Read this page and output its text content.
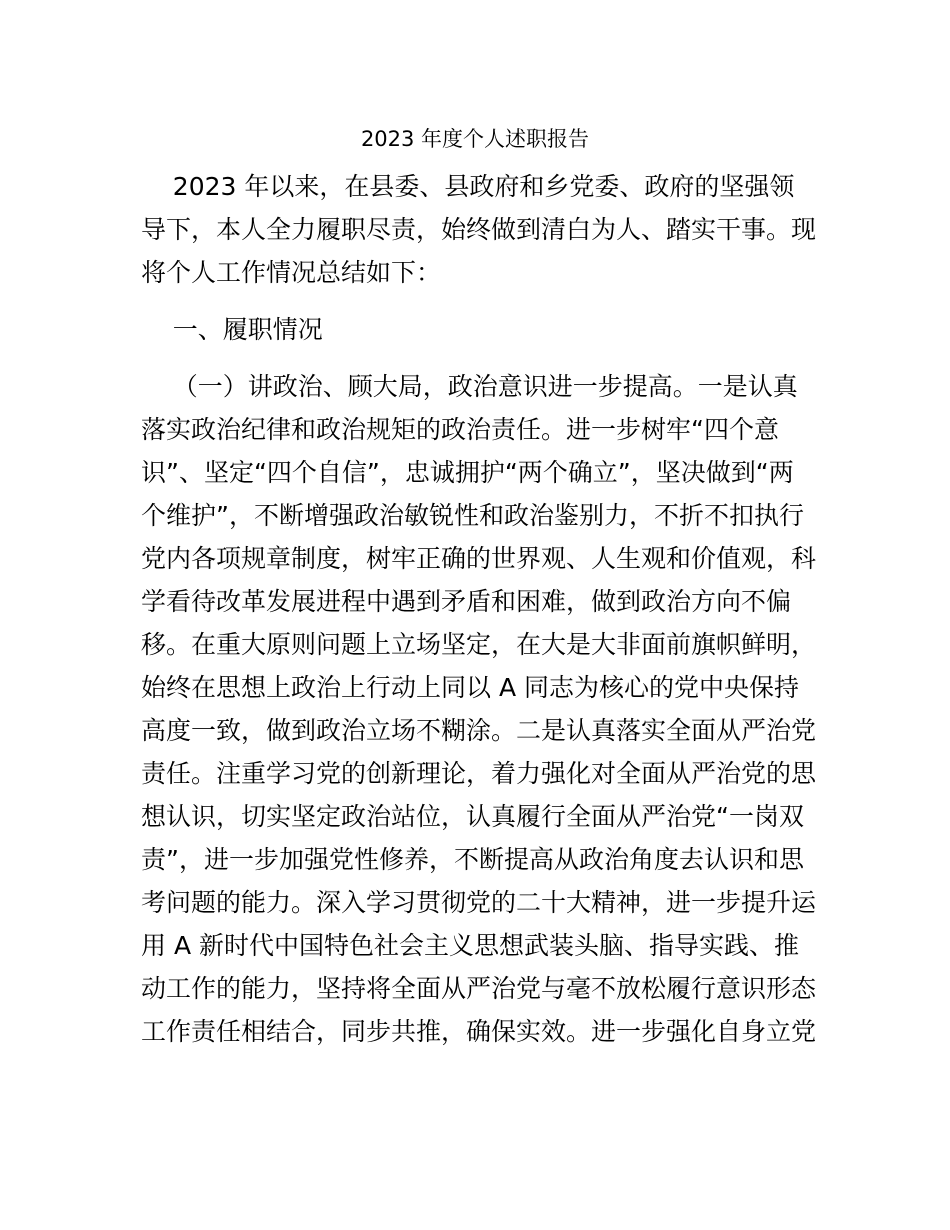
2023 年度个人述职报告
2023 年以来，在县委、县政府和乡党委、政府的坚强领
导下，本人全力履职尽责，始终做到清白为人、踏实干事。现
将个人工作情况总结如下：
一、履职情况
（一）讲政治、顾大局，政治意识进一步提高。一是认真
落实政治纪律和政治规矩的政治责任。进一步树牢“四个意
识”、坚定“四个自信”，忠诚拥护“两个确立”，坚决做到“两
个维护”，不断增强政治敏锐性和政治鉴别力，不折不扣执行
党内各项规章制度，树牢正确的世界观、人生观和价值观，科
学看待改革发展进程中遇到矛盾和困难，做到政治方向不偏
移。在重大原则问题上立场坚定，在大是大非面前旗帜鲜明，
始终在思想上政治上行动上同以 A 同志为核心的党中央保持
高度一致，做到政治立场不糊涂。二是认真落实全面从严治党
责任。注重学习党的创新理论，着力强化对全面从严治党的思
想认识，切实坚定政治站位，认真履行全面从严治党“一岗双
责”，进一步加强党性修养，不断提高从政治角度去认识和思
考问题的能力。深入学习贯彻党的二十大精神，进一步提升运
用 A 新时代中国特色社会主义思想武装头脑、指导实践、推
动工作的能力，坚持将全面从严治党与毫不放松履行意识形态
工作责任相结合，同步共推，确保实效。进一步强化自身立党
